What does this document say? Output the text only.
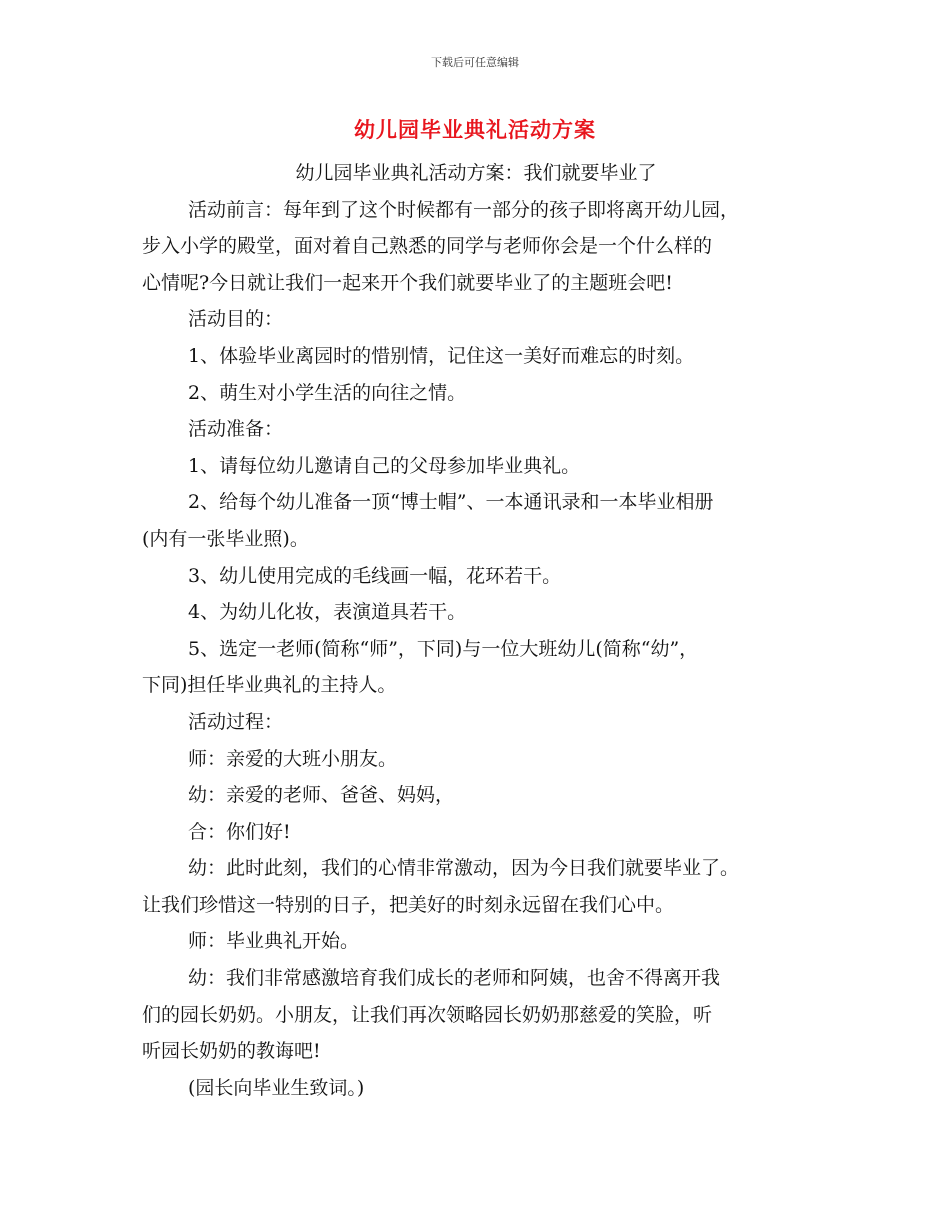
下载后可任意编辑
幼儿园毕业典礼活动方案
幼儿园毕业典礼活动方案：我们就要毕业了
活动前言：每年到了这个时候都有一部分的孩子即将离开幼儿园，
步入小学的殿堂，面对着自己熟悉的同学与老师你会是一个什么样的
心情呢?今日就让我们一起来开个我们就要毕业了的主题班会吧!
活动目的：
1、体验毕业离园时的惜别情，记住这一美好而难忘的时刻。
2、萌生对小学生活的向往之情。
活动准备：
1、请每位幼儿邀请自己的父母参加毕业典礼。
2、给每个幼儿准备一顶“博士帽”、一本通讯录和一本毕业相册
(内有一张毕业照)。
3、幼儿使用完成的毛线画一幅，花环若干。
4、为幼儿化妆，表演道具若干。
5、选定一老师(简称“师”，下同)与一位大班幼儿(简称“幼”，
下同)担任毕业典礼的主持人。
活动过程：
师：亲爱的大班小朋友。
幼：亲爱的老师、爸爸、妈妈，
合：你们好!
幼：此时此刻，我们的心情非常激动，因为今日我们就要毕业了。
让我们珍惜这一特别的日子，把美好的时刻永远留在我们心中。
师：毕业典礼开始。
幼：我们非常感激培育我们成长的老师和阿姨，也舍不得离开我
们的园长奶奶。小朋友，让我们再次领略园长奶奶那慈爱的笑脸，听
听园长奶奶的教诲吧!
(园长向毕业生致词。)
